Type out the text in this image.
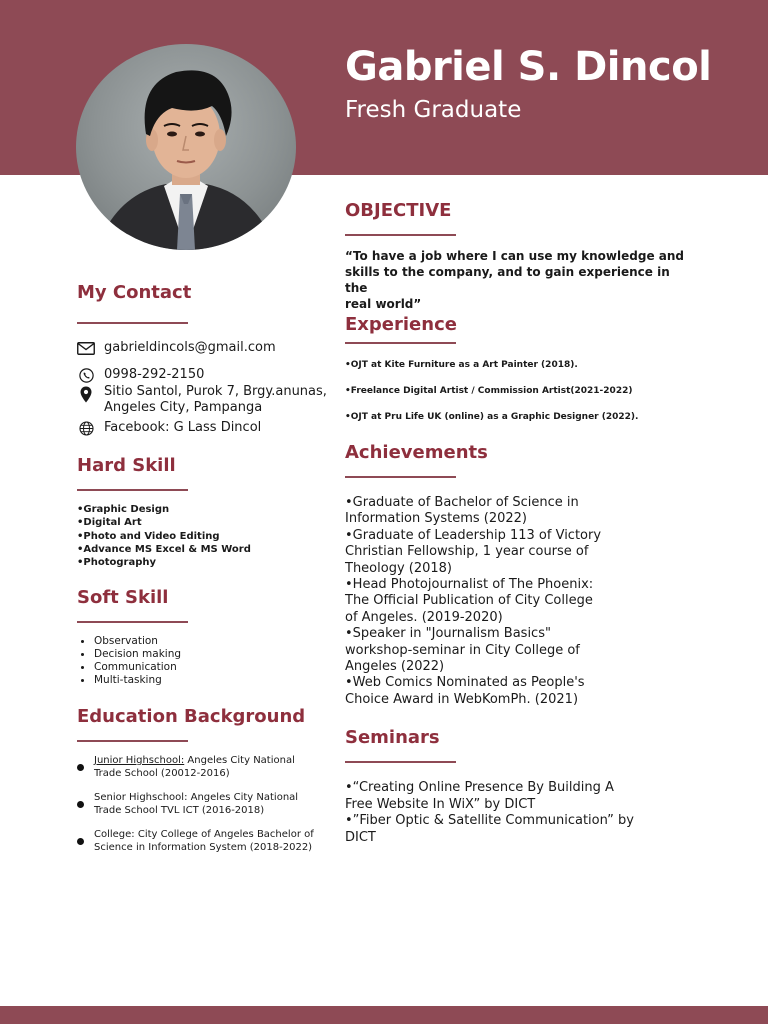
Gabriel S. Dincol
Fresh Graduate
My Contact
gabrieldincols@gmail.com
0998-292-2150
Sitio Santol, Purok 7, Brgy.anunas,
Angeles City, Pampanga
Facebook: G Lass Dincol
Hard Skill
•Graphic Design
•Digital Art
•Photo and Video Editing
•Advance MS Excel & MS Word
•Photography
Soft Skill
Observation
Decision making
Communication
Multi-tasking
Education Background
Junior Highschool: Angeles City National
Trade School (20012-2016)
Senior Highschool: Angeles City National
Trade School TVL ICT (2016-2018)
College: City College of Angeles Bachelor of
Science in Information System (2018-2022)
OBJECTIVE
“To have a job where I can use my knowledge and
skills to the company, and to gain experience in the
real world”
Experience
•OJT at Kite Furniture as a Art Painter (2018).
•Freelance Digital Artist / Commission Artist(2021-2022)
•OJT at Pru Life UK (online) as a Graphic Designer (2022).
Achievements

•Graduate of Bachelor of Science in

Information Systems (2022)

•Graduate of Leadership 113 of Victory

Christian Fellowship, 1 year course of

Theology (2018)

•Head Photojournalist of The Phoenix:

The Official Publication of City College

of Angeles. (2019-2020)

•Speaker in "Journalism Basics"

workshop-seminar in City College of

Angeles (2022)

•Web Comics Nominated as People's

Choice Award in WebKomPh. (2021)

Seminars

•“Creating Online Presence By Building A

Free Website In WiX” by DICT

•”Fiber Optic & Satellite Communication” by

DICT
